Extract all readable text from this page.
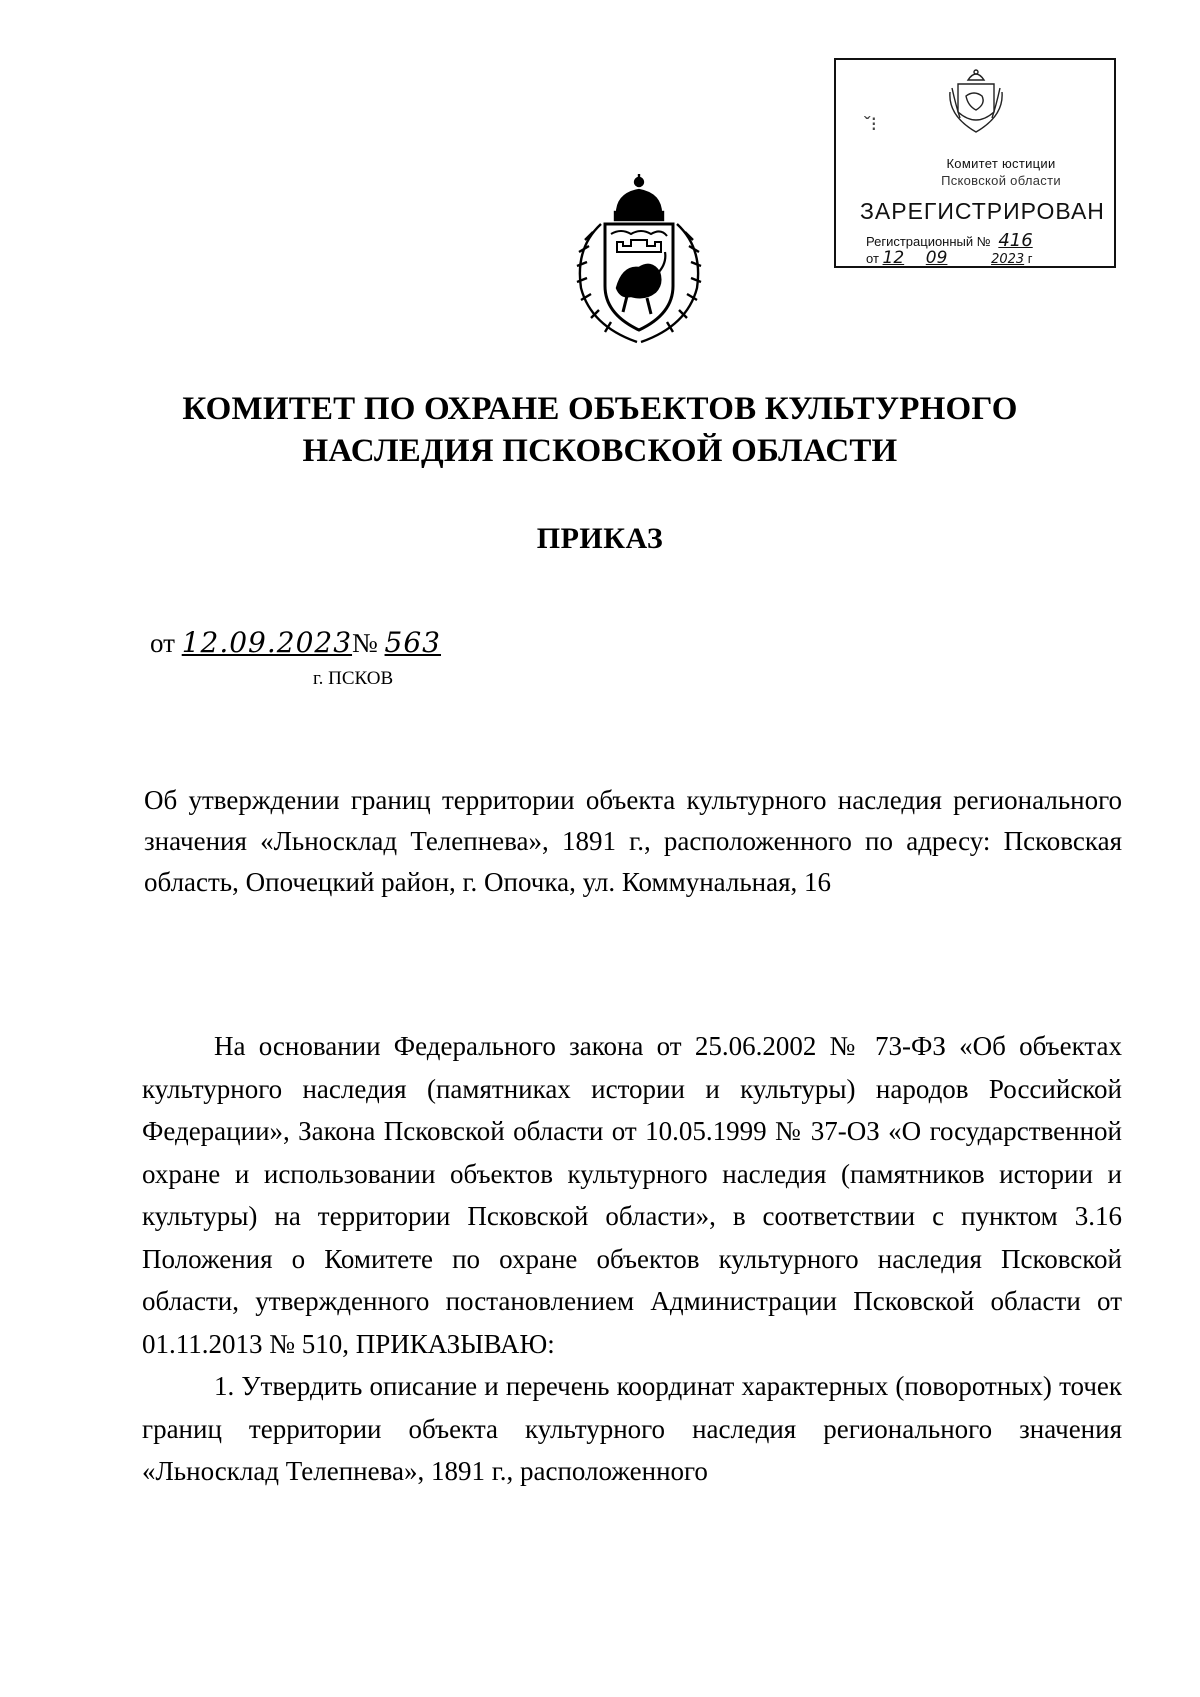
ˇ⁝
Комитет юстиции
Псковской области
ЗАРЕГИСТРИРОВАН
Регистрационный № 416
от 12 09	2023 г
КОМИТЕТ ПО ОХРАНЕ ОБЪЕКТОВ КУЛЬТУРНОГО НАСЛЕДИЯ ПСКОВСКОЙ ОБЛАСТИ
ПРИКАЗ
от 12.09.2023№ 563
г. ПСКОВ
Об утверждении границ территории объекта культурного наследия регионального значения «Льносклад Телепнева», 1891 г., расположенного по адресу: Псковская область, Опочецкий район, г. Опочка, ул. Коммунальная, 16

На основании Федерального закона от 25.06.2002 № 73-ФЗ «Об объектах культурного наследия (памятниках истории и культуры) народов Российской Федерации», Закона Псковской области от 10.05.1999 № 37-ОЗ «О государственной охране и использовании объектов культурного наследия (памятников истории и культуры) на территории Псковской области», в соответствии с пунктом 3.16 Положения о Комитете по охране объектов культурного наследия Псковской области, утвержденного постановлением Администрации Псковской области от 01.11.2013 № 510, ПРИКАЗЫВАЮ:

1. Утвердить описание и перечень координат характерных (поворотных) точек границ территории объекта культурного наследия регионального значения «Льносклад Телепнева», 1891 г., расположенного
